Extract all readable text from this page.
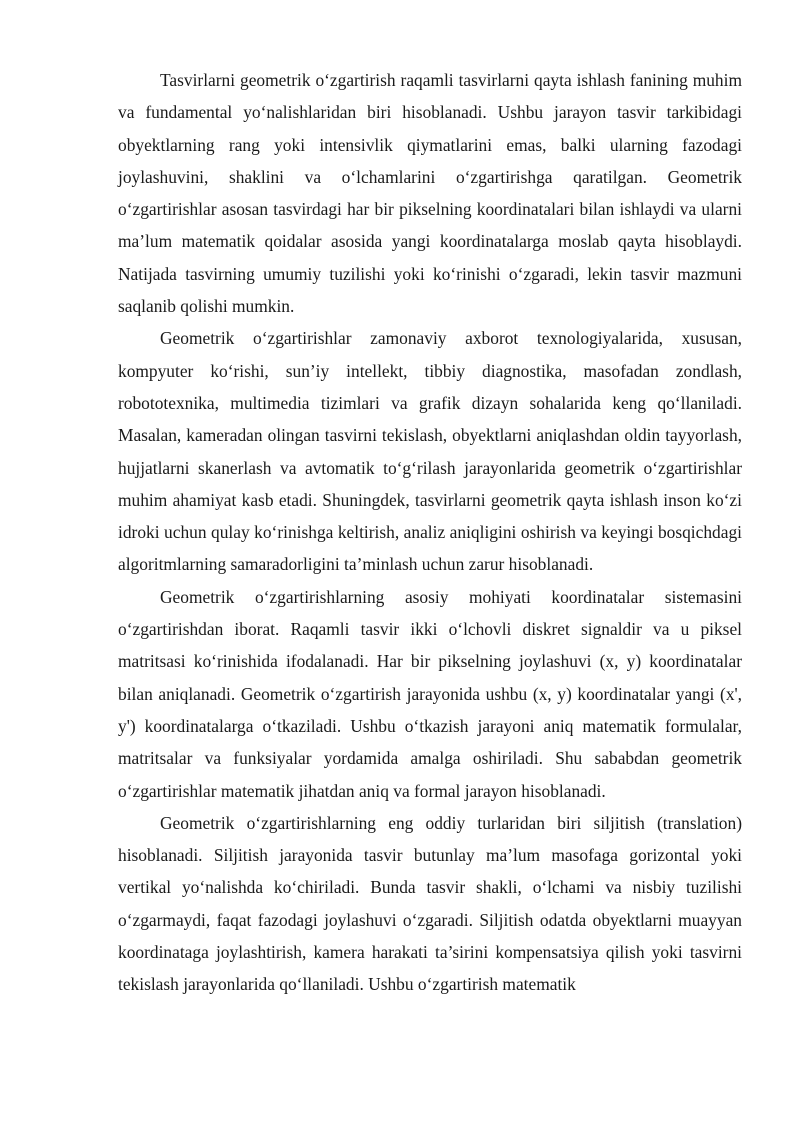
Tasvirlarni geometrik o‘zgartirish raqamli tasvirlarni qayta ishlash fanining muhim va fundamental yo‘nalishlaridan biri hisoblanadi. Ushbu jarayon tasvir tarkibidagi obyektlarning rang yoki intensivlik qiymatlarini emas, balki ularning fazodagi joylashuvini, shaklini va o‘lchamlarini o‘zgartirishga qaratilgan. Geometrik o‘zgartirishlar asosan tasvirdagi har bir pikselning koordinatalari bilan ishlaydi va ularni ma’lum matematik qoidalar asosida yangi koordinatalarga moslab qayta hisoblaydi. Natijada tasvirning umumiy tuzilishi yoki ko‘rinishi o‘zgaradi, lekin tasvir mazmuni saqlanib qolishi mumkin.

Geometrik o‘zgartirishlar zamonaviy axborot texnologiyalarida, xususan, kompyuter ko‘rishi, sun’iy intellekt, tibbiy diagnostika, masofadan zondlash, robototexnika, multimedia tizimlari va grafik dizayn sohalarida keng qo‘llaniladi. Masalan, kameradan olingan tasvirni tekislash, obyektlarni aniqlashdan oldin tayyorlash, hujjatlarni skanerlash va avtomatik to‘g‘rilash jarayonlarida geometrik o‘zgartirishlar muhim ahamiyat kasb etadi. Shuningdek, tasvirlarni geometrik qayta ishlash inson ko‘zi idroki uchun qulay ko‘rinishga keltirish, analiz aniqligini oshirish va keyingi bosqichdagi algoritmlarning samaradorligini ta’minlash uchun zarur hisoblanadi.

Geometrik o‘zgartirishlarning asosiy mohiyati koordinatalar sistemasini o‘zgartirishdan iborat. Raqamli tasvir ikki o‘lchovli diskret signaldir va u piksel matritsasi ko‘rinishida ifodalanadi. Har bir pikselning joylashuvi (x, y) koordinatalar bilan aniqlanadi. Geometrik o‘zgartirish jarayonida ushbu (x, y) koordinatalar yangi (x', y') koordinatalarga o‘tkaziladi. Ushbu o‘tkazish jarayoni aniq matematik formulalar, matritsalar va funksiyalar yordamida amalga oshiriladi. Shu sababdan geometrik o‘zgartirishlar matematik jihatdan aniq va formal jarayon hisoblanadi.

Geometrik o‘zgartirishlarning eng oddiy turlaridan biri siljitish (translation) hisoblanadi. Siljitish jarayonida tasvir butunlay ma’lum masofaga gorizontal yoki vertikal yo‘nalishda ko‘chiriladi. Bunda tasvir shakli, o‘lchami va nisbiy tuzilishi o‘zgarmaydi, faqat fazodagi joylashuvi o‘zgaradi. Siljitish odatda obyektlarni muayyan koordinataga joylashtirish, kamera harakati ta’sirini kompensatsiya qilish yoki tasvirni tekislash jarayonlarida qo‘llaniladi. Ushbu o‘zgartirish matematik
